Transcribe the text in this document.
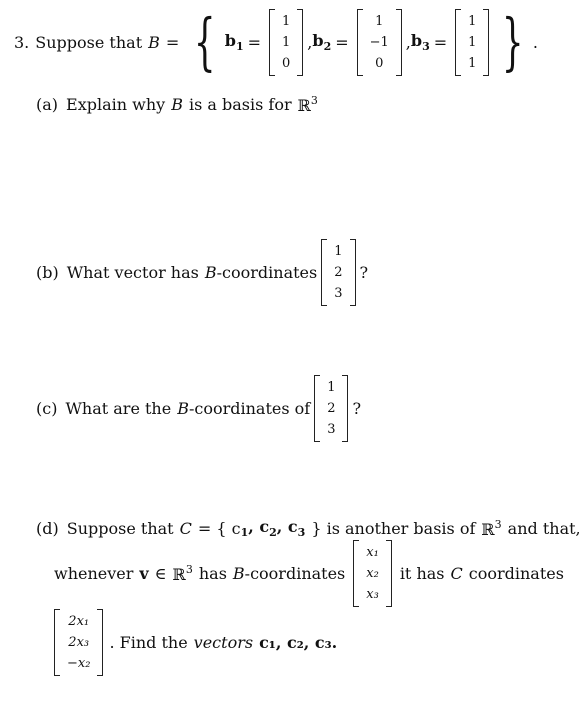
3. Suppose that B = { $b_1$ =
1
1
0
, $b_2$ =
1
−1
0
, $b_3$ =
1
1
1 } .
(a) Explain why B is a basis for ℝ$^3$
(b) What vector has B -coordinates
1
2
3
?
(c) What are the B -coordinates of
1
2
3
?
(d) Suppose that C = { c $_1$, $c_2$, $c_3$ } is another basis of ℝ$^3$ and that,
whenever v ∈ ℝ$^3$ has B -coordinates
x₁
x₂
x₃
it has C coordinates
2x₁
2x₃
−x₂
. Find the vectors c₁, c₂, c₃.
